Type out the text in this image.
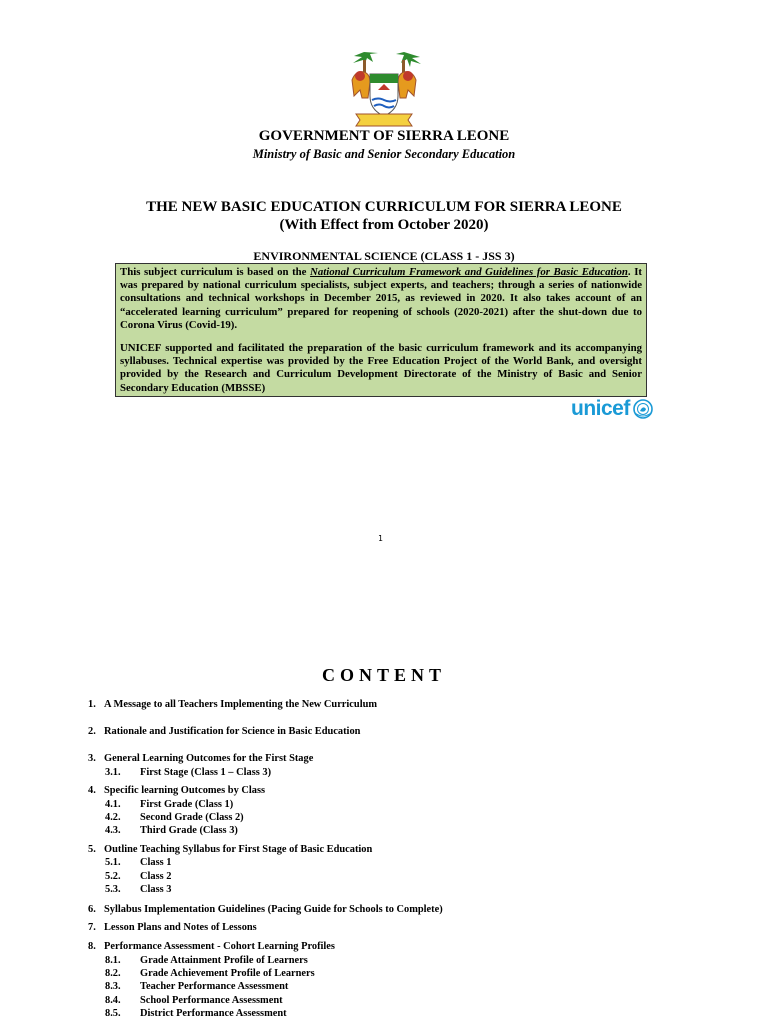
GOVERNMENT OF SIERRA LEONE
Ministry of Basic and Senior Secondary Education
THE NEW BASIC EDUCATION CURRICULUM FOR SIERRA LEONE
(With Effect from October 2020)
ENVIRONMENTAL SCIENCE (CLASS 1 - JSS 3)

This subject curriculum is based on the National Curriculum Framework and Guidelines for Basic Education. It was prepared by national curriculum specialists, subject experts, and teachers; through a series of nationwide consultations and technical workshops in December 2015, as reviewed in 2020. It also takes account of an “accelerated learning curriculum” prepared for reopening of schools (2020-2021) after the shut-down due to Corona Virus (Covid-19).

UNICEF supported and facilitated the preparation of the basic curriculum framework and its accompanying syllabuses. Technical expertise was provided by the Free Education Project of the World Bank, and oversight provided by the Research and Curriculum Development Directorate of the Ministry of Basic and Senior Secondary Education (MBSSE)

unicef
1
CONTENT
1. A Message to all Teachers Implementing the New Curriculum
2. Rationale and Justification for Science in Basic Education
3. General Learning Outcomes for the First Stage
3.1. First Stage (Class 1 – Class 3)
4. Specific learning Outcomes by Class
4.1. First Grade (Class 1)
4.2. Second Grade (Class 2)
4.3. Third Grade (Class 3)
5. Outline Teaching Syllabus for First Stage of Basic Education
5.1. Class 1
5.2. Class 2
5.3. Class 3
6. Syllabus Implementation Guidelines (Pacing Guide for Schools to Complete)
7. Lesson Plans and Notes of Lessons
8. Performance Assessment - Cohort Learning Profiles
8.1. Grade Attainment Profile of Learners
8.2. Grade Achievement Profile of Learners
8.3. Teacher Performance Assessment
8.4. School Performance Assessment
8.5. District Performance Assessment
